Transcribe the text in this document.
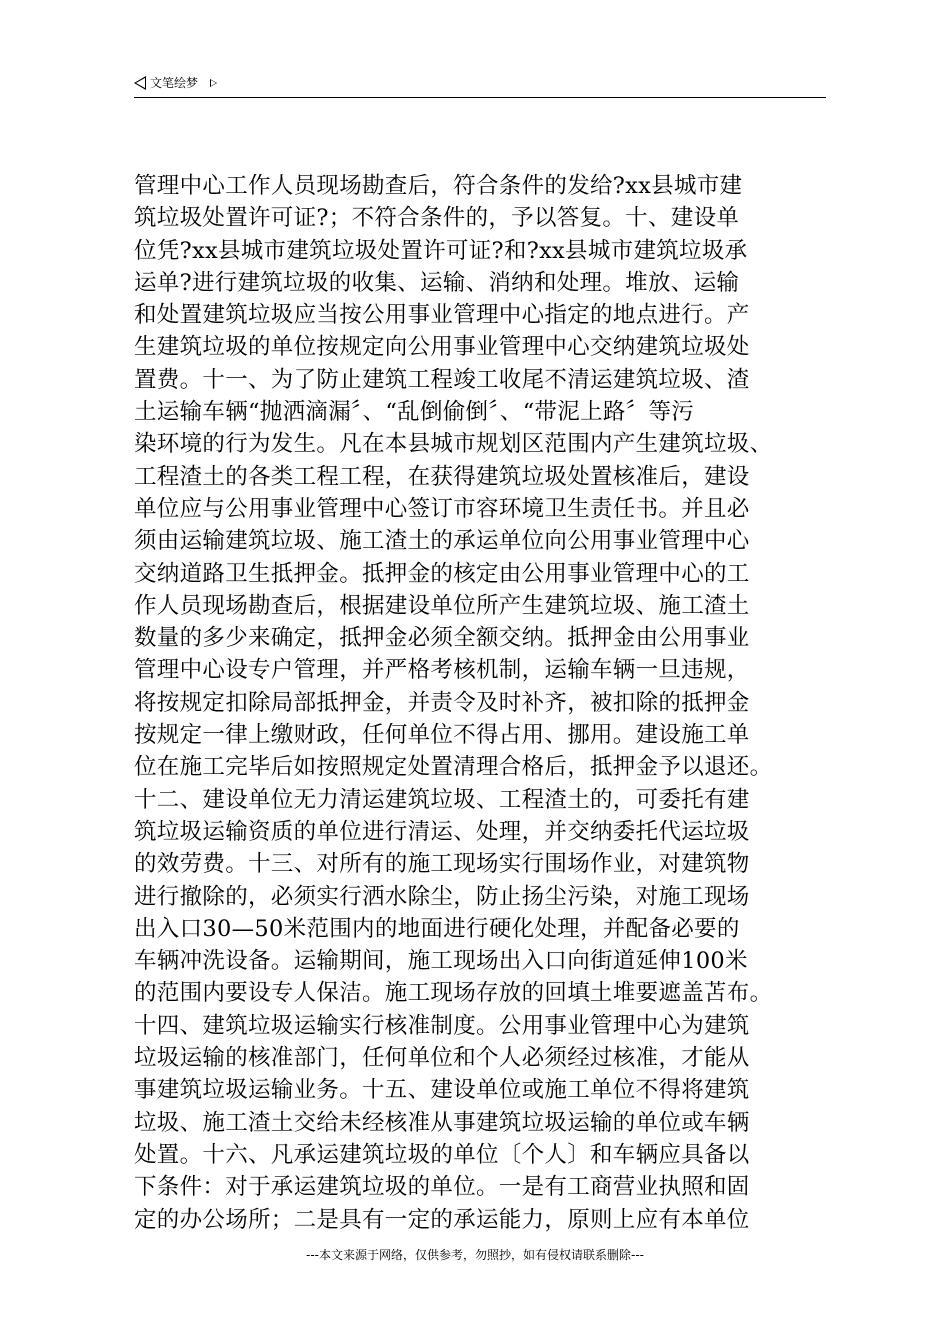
文笔绘梦
管理中心工作人员现场勘查后，符合条件的发给?xx县城市建
筑垃圾处置许可证?；不符合条件的，予以答复。十、建设单
位凭?xx县城市建筑垃圾处置许可证?和?xx县城市建筑垃圾承
运单?进行建筑垃圾的收集、运输、消纳和处理。堆放、运输
和处置建筑垃圾应当按公用事业管理中心指定的地点进行。产
生建筑垃圾的单位按规定向公用事业管理中心交纳建筑垃圾处
置费。十一、为了防止建筑工程竣工收尾不清运建筑垃圾、渣
土运输车辆“抛洒滴漏〞、“乱倒偷倒〞、“带泥上路〞等污
染环境的行为发生。凡在本县城市规划区范围内产生建筑垃圾、
工程渣土的各类工程工程，在获得建筑垃圾处置核准后，建设
单位应与公用事业管理中心签订市容环境卫生责任书。并且必
须由运输建筑垃圾、施工渣土的承运单位向公用事业管理中心
交纳道路卫生抵押金。抵押金的核定由公用事业管理中心的工
作人员现场勘查后，根据建设单位所产生建筑垃圾、施工渣土
数量的多少来确定，抵押金必须全额交纳。抵押金由公用事业
管理中心设专户管理，并严格考核机制，运输车辆一旦违规，
将按规定扣除局部抵押金，并责令及时补齐，被扣除的抵押金
按规定一律上缴财政，任何单位不得占用、挪用。建设施工单
位在施工完毕后如按照规定处置清理合格后，抵押金予以退还。
十二、建设单位无力清运建筑垃圾、工程渣土的，可委托有建
筑垃圾运输资质的单位进行清运、处理，并交纳委托代运垃圾
的效劳费。十三、对所有的施工现场实行围场作业，对建筑物
进行撤除的，必须实行洒水除尘，防止扬尘污染，对施工现场
出入口30—50米范围内的地面进行硬化处理，并配备必要的
车辆冲洗设备。运输期间，施工现场出入口向街道延伸100米
的范围内要设专人保洁。施工现场存放的回填土堆要遮盖苫布。
十四、建筑垃圾运输实行核准制度。公用事业管理中心为建筑
垃圾运输的核准部门，任何单位和个人必须经过核准，才能从
事建筑垃圾运输业务。十五、建设单位或施工单位不得将建筑
垃圾、施工渣土交给未经核准从事建筑垃圾运输的单位或车辆
处置。十六、凡承运建筑垃圾的单位〔个人〕和车辆应具备以
下条件：对于承运建筑垃圾的单位。一是有工商营业执照和固
定的办公场所；二是具有一定的承运能力，原则上应有本单位
---本文来源于网络，仅供参考，勿照抄，如有侵权请联系删除---
